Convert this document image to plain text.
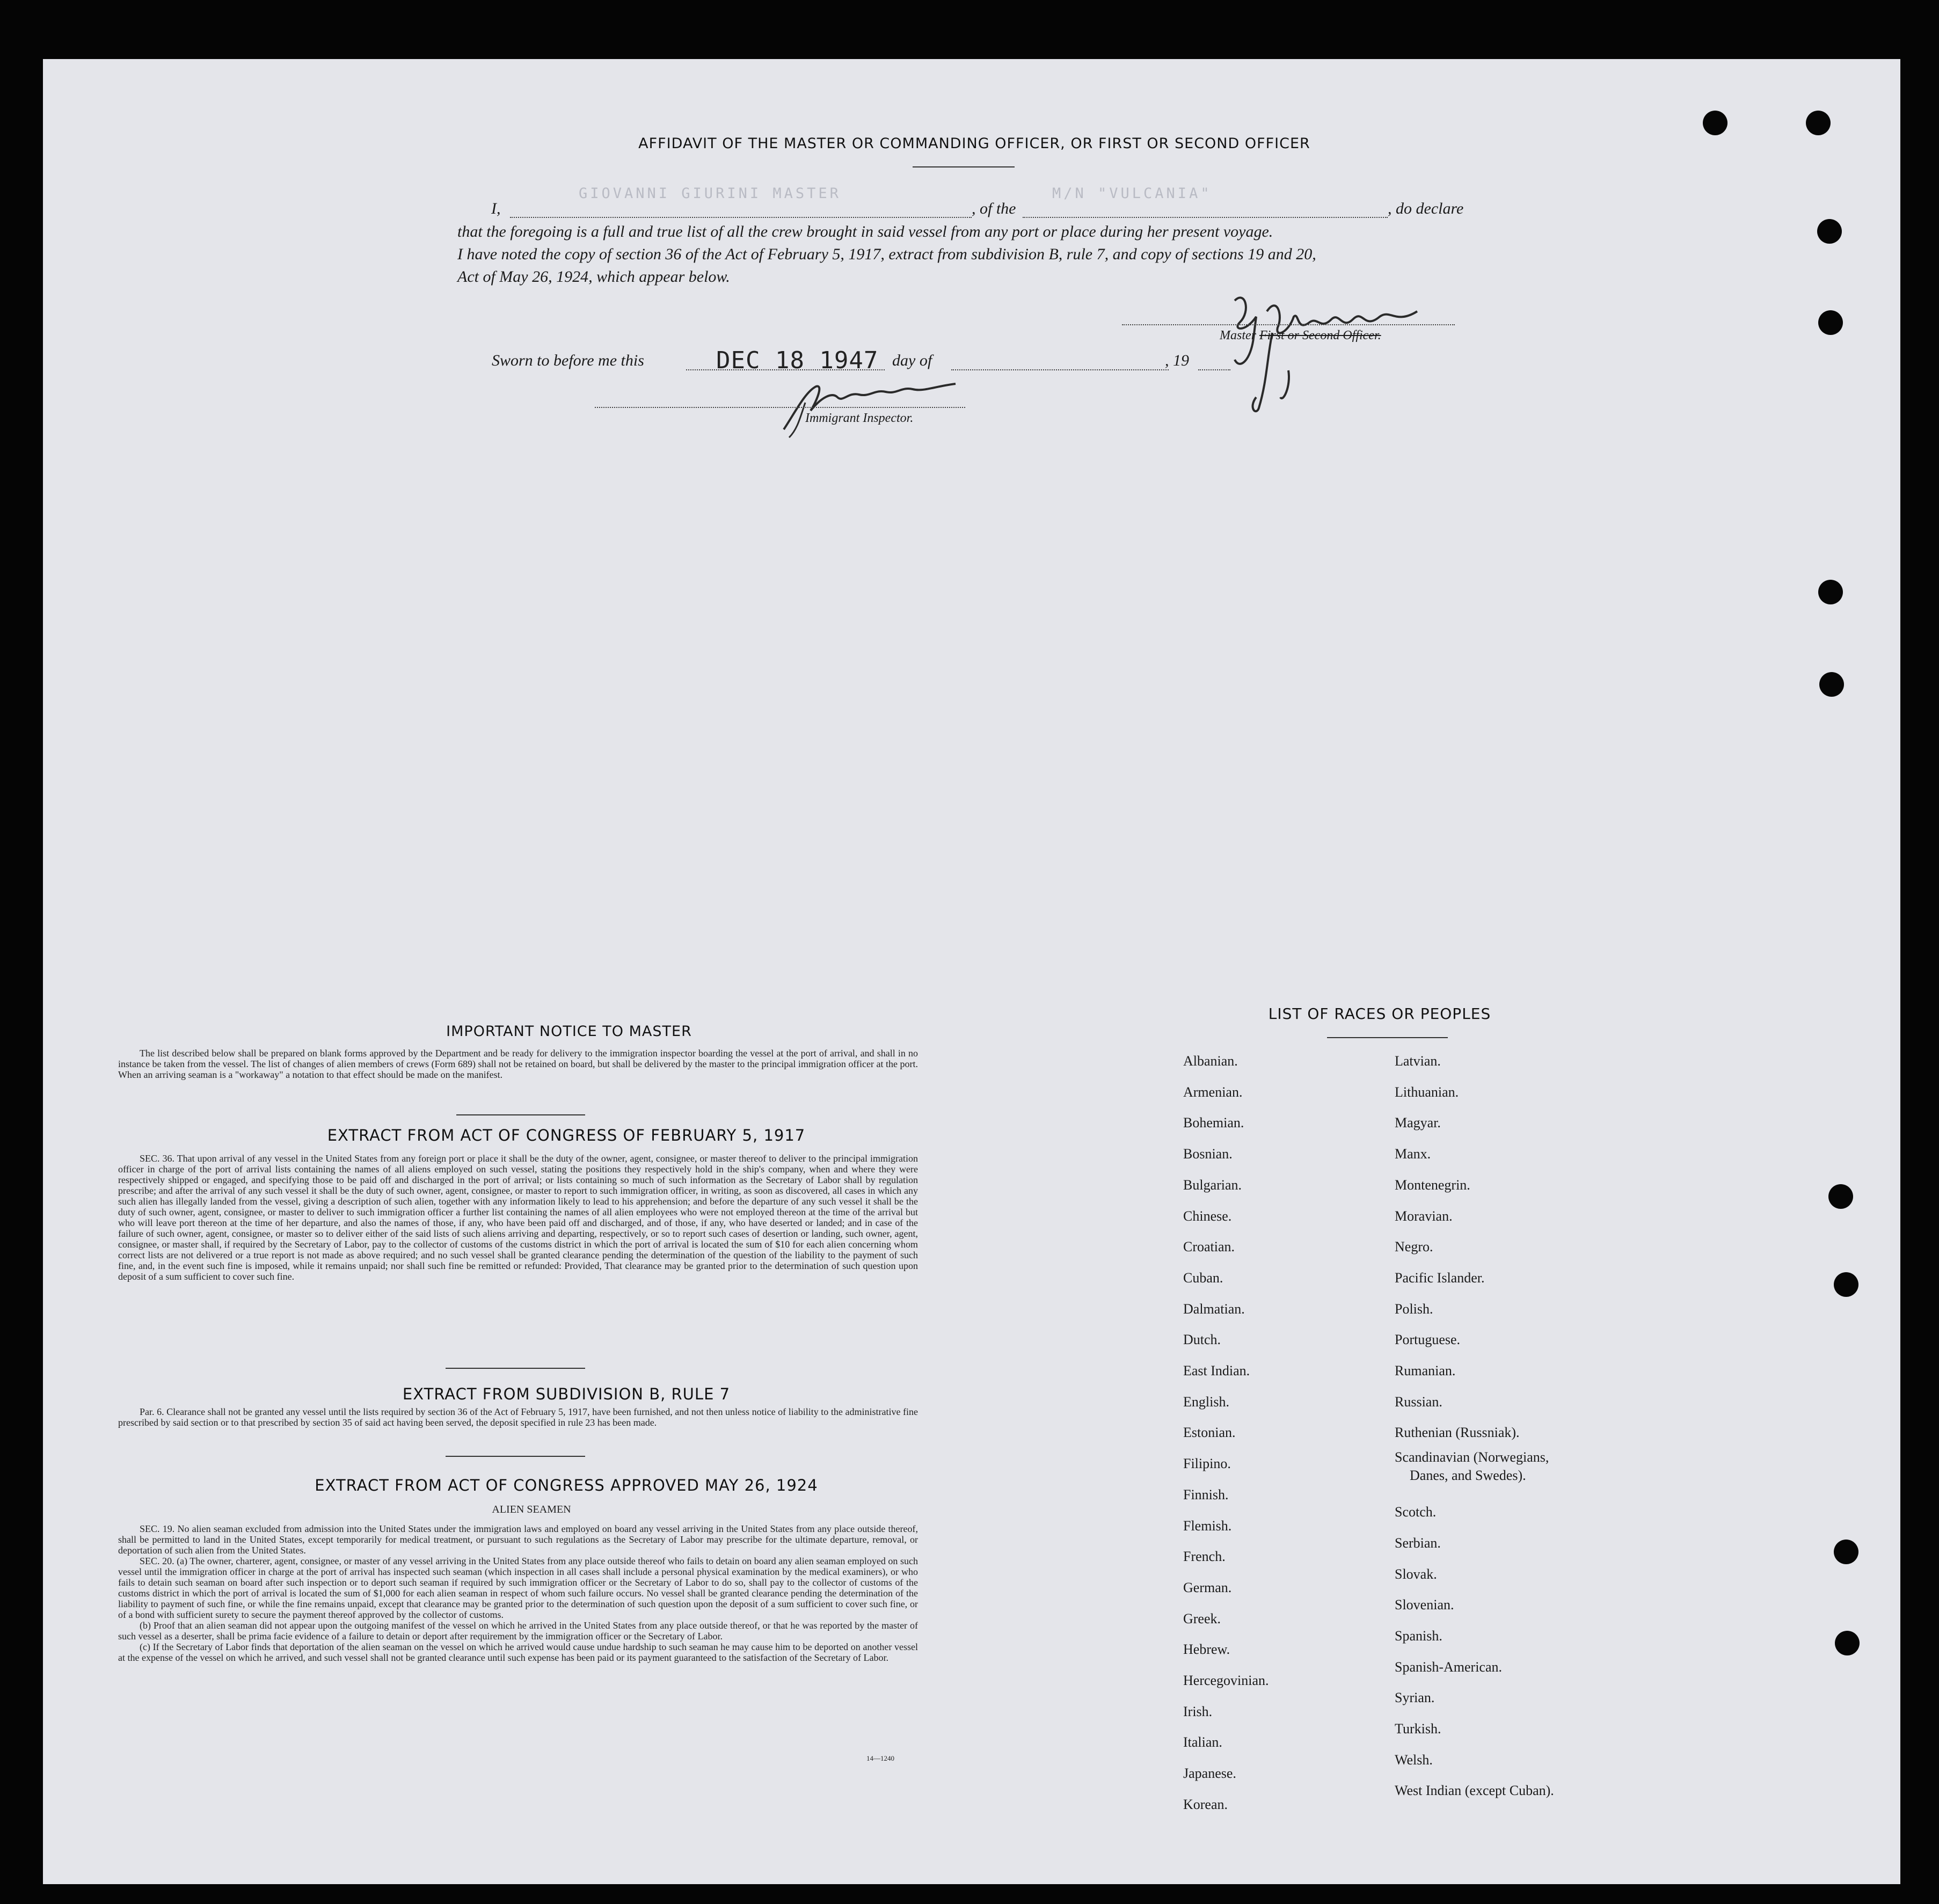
AFFIDAVIT OF THE MASTER OR COMMANDING OFFICER, OR FIRST OR SECOND OFFICER
I,
GIOVANNI GIURINI MASTER
, of the
M/N "VULCANIA"
, do declare
that the foregoing is a full and true list of all the crew brought in said vessel from any port or place during her present voyage.
I have noted the copy of section 36 of the Act of February 5, 1917, extract from subdivision B, rule 7, and copy of sections 19 and 20,
Act of May 26, 1924, which appear below.
Master First or Second Officer.
Sworn to before me this	DEC 18 1947 day of	, 19
Immigrant Inspector.
IMPORTANT NOTICE TO MASTER

The list described below shall be prepared on blank forms approved by the Department and be ready for delivery to the immigration inspector boarding the vessel at the port of arrival, and shall in no instance be taken from the vessel. The list of changes of alien members of crews (Form 689) shall not be retained on board, but shall be delivered by the master to the principal immigration officer at the port. When an arriving seaman is a "workaway" a notation to that effect should be made on the manifest.

EXTRACT FROM ACT OF CONGRESS OF FEBRUARY 5, 1917

SEC. 36. That upon arrival of any vessel in the United States from any foreign port or place it shall be the duty of the owner, agent, consignee, or master thereof to deliver to the principal immigration officer in charge of the port of arrival lists containing the names of all aliens employed on such vessel, stating the positions they respectively hold in the ship's company, when and where they were respectively shipped or engaged, and specifying those to be paid off and discharged in the port of arrival; or lists containing so much of such information as the Secretary of Labor shall by regulation prescribe; and after the arrival of any such vessel it shall be the duty of such owner, agent, consignee, or master to report to such immigration officer, in writing, as soon as discovered, all cases in which any such alien has illegally landed from the vessel, giving a description of such alien, together with any information likely to lead to his apprehension; and before the departure of any such vessel it shall be the duty of such owner, agent, consignee, or master to deliver to such immigration officer a further list containing the names of all alien employees who were not employed thereon at the time of the arrival but who will leave port thereon at the time of her departure, and also the names of those, if any, who have been paid off and discharged, and of those, if any, who have deserted or landed; and in case of the failure of such owner, agent, consignee, or master so to deliver either of the said lists of such aliens arriving and departing, respectively, or so to report such cases of desertion or landing, such owner, agent, consignee, or master shall, if required by the Secretary of Labor, pay to the collector of customs of the customs district in which the port of arrival is located the sum of $10 for each alien concerning whom correct lists are not delivered or a true report is not made as above required; and no such vessel shall be granted clearance pending the determination of the question of the liability to the payment of such fine, and, in the event such fine is imposed, while it remains unpaid; nor shall such fine be remitted or refunded: Provided, That clearance may be granted prior to the determination of such question upon deposit of a sum sufficient to cover such fine.

EXTRACT FROM SUBDIVISION B, RULE 7

Par. 6. Clearance shall not be granted any vessel until the lists required by section 36 of the Act of February 5, 1917, have been furnished, and not then unless notice of liability to the administrative fine prescribed by said section or to that prescribed by section 35 of said act having been served, the deposit specified in rule 23 has been made.

EXTRACT FROM ACT OF CONGRESS APPROVED MAY 26, 1924
ALIEN SEAMEN

SEC. 19. No alien seaman excluded from admission into the United States under the immigration laws and employed on board any vessel arriving in the United States from any place outside thereof, shall be permitted to land in the United States, except temporarily for medical treatment, or pursuant to such regulations as the Secretary of Labor may prescribe for the ultimate departure, removal, or deportation of such alien from the United States.

SEC. 20. (a) The owner, charterer, agent, consignee, or master of any vessel arriving in the United States from any place outside thereof who fails to detain on board any alien seaman employed on such vessel until the immigration officer in charge at the port of arrival has inspected such seaman (which inspection in all cases shall include a personal physical examination by the medical examiners), or who fails to detain such seaman on board after such inspection or to deport such seaman if required by such immigration officer or the Secretary of Labor to do so, shall pay to the collector of customs of the customs district in which the port of arrival is located the sum of $1,000 for each alien seaman in respect of whom such failure occurs. No vessel shall be granted clearance pending the determination of the liability to payment of such fine, or while the fine remains unpaid, except that clearance may be granted prior to the determination of such question upon the deposit of a sum sufficient to cover such fine, or of a bond with sufficient surety to secure the payment thereof approved by the collector of customs.

(b) Proof that an alien seaman did not appear upon the outgoing manifest of the vessel on which he arrived in the United States from any place outside thereof, or that he was reported by the master of such vessel as a deserter, shall be prima facie evidence of a failure to detain or deport after requirement by the immigration officer or the Secretary of Labor.

(c) If the Secretary of Labor finds that deportation of the alien seaman on the vessel on which he arrived would cause undue hardship to such seaman he may cause him to be deported on another vessel at the expense of the vessel on which he arrived, and such vessel shall not be granted clearance until such expense has been paid or its payment guaranteed to the satisfaction of the Secretary of Labor.

14—1240
LIST OF RACES OR PEOPLES
Albanian.
Armenian.
Bohemian.
Bosnian.
Bulgarian.
Chinese.
Croatian.
Cuban.
Dalmatian.
Dutch.
East Indian.
English.
Estonian.
Filipino.
Finnish.
Flemish.
French.
German.
Greek.
Hebrew.
Hercegovinian.
Irish.
Italian.
Japanese.
Korean.
Latvian.
Lithuanian.
Magyar.
Manx.
Montenegrin.
Moravian.
Negro.
Pacific Islander.
Polish.
Portuguese.
Rumanian.
Russian.
Ruthenian (Russniak).

Scandinavian (Norwegians,
Danes, and Swedes).
Scotch.
Serbian.
Slovak.
Slovenian.
Spanish.
Spanish-American.
Syrian.
Turkish.
Welsh.
West Indian (except Cuban).
